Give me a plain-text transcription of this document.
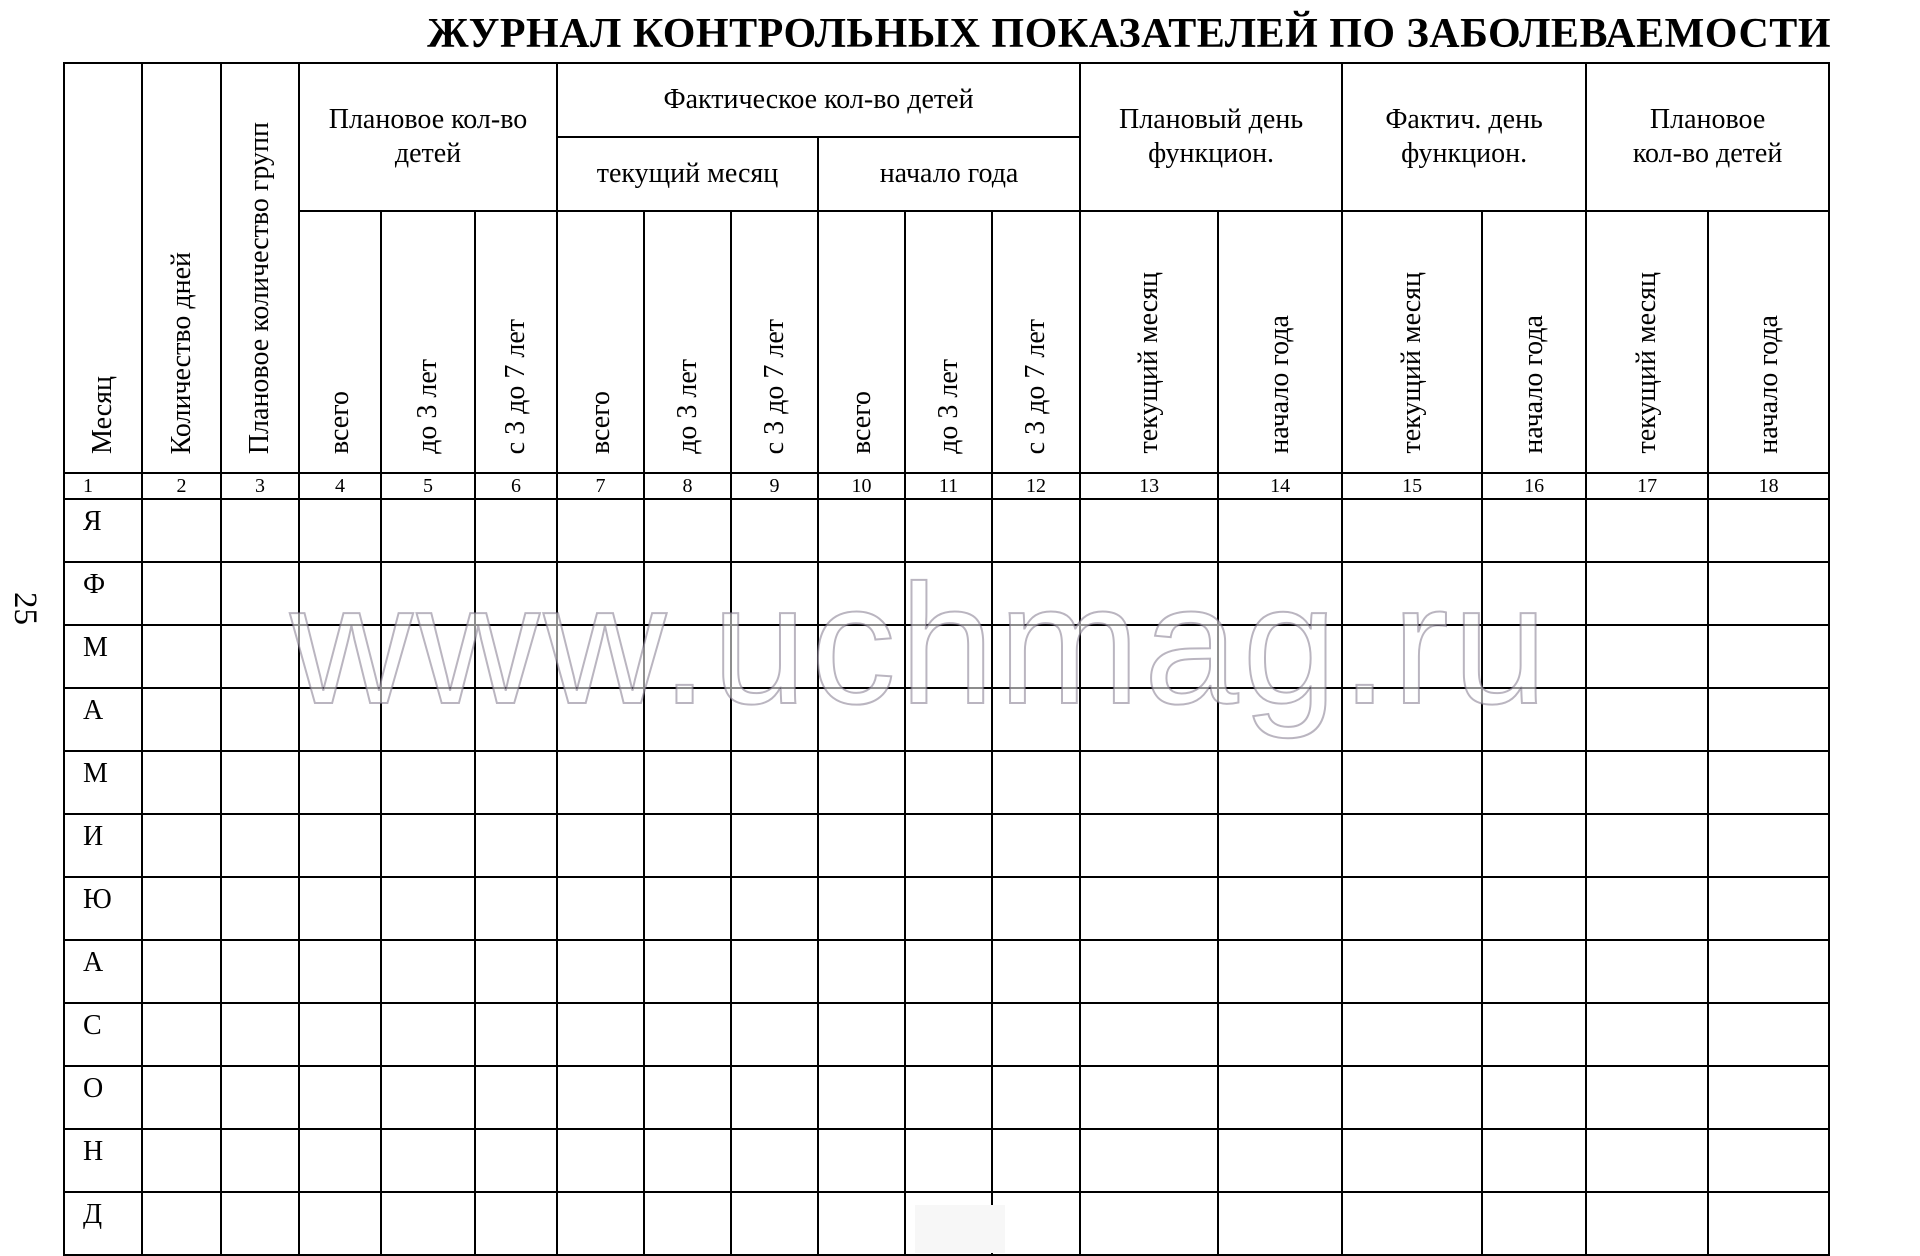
ЖУРНАЛ КОНТРОЛЬНЫХ ПОКАЗАТЕЛЕЙ ПО ЗАБОЛЕВАЕМОСТИ
25
Месяц	Количество дней	Плановое количество групп	Плановое кол-во детей			Фактическое кол-во детей						Плановый день функцион.		Фактич. день функцион.		Плановое кол-во детей	
						текущий месяц			начало года								
			всего	до 3 лет	с 3 до 7 лет	всего	до 3 лет	с 3 до 7 лет	всего	до 3 лет	с 3 до 7 лет	текущий месяц	начало года	текущий месяц	начало года	текущий месяц	начало года
1	2	3	4	5	6	7	8	9	10	11	12	13	14	15	16	17	18
Я																	
Ф																	
М																	
А																	
М																	
И																	
Ю																	
А																	
С																	
О																	
Н																	
Д																	
www.uchmag.ru
